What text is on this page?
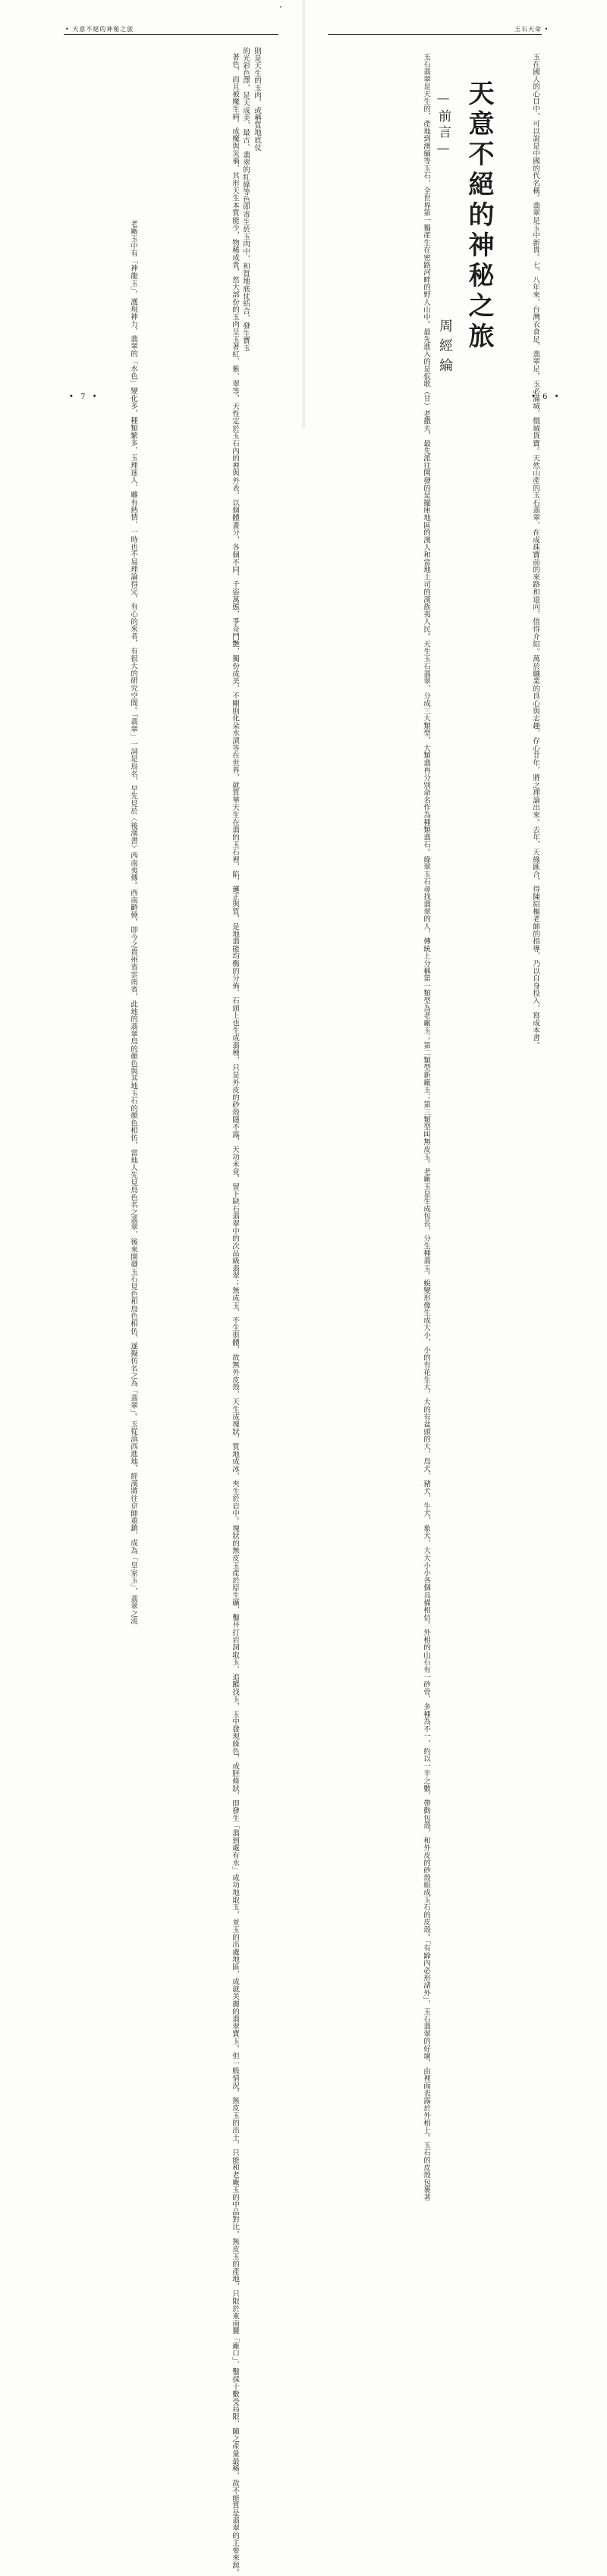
• 天意不絕的神秘之旅
則是天生的玉肉，或稱質地底仗
的光彩色澤，是天成美、最古、翡翠的紅綠等色即寄生於玉肉中，和質地底仗結合，發生寶玉
著色，而且被魔生病，成魔與災禍，其形天生本質能少，物稀成貴，然大部份的玉肉呈玉著紅、紫、翠等，天性定於玉石內的裡與外表。以個體畫分，各個不同，千姿萬態，爭奇鬥艷，獨份成美，不剛則化朵水漬等在世界，就算華天生在翡的玉石裡，陷，邏正與質，是地翡能均衡的分佈，石頭上也生成翡種，只是外皮的砂殼隱不露，天功未竟，留下缺石翡翠中的次品級翡翠；無成玉，不生俱體，故無外皮殼，天生成塊狀，質地成冰，夾生於岩中。塊狀的無皮玉產於原生礦，鑿井打岩洞取玉、追蹤找玉，玉中發現綠色，成胚條狀，即發生「翡到處有水」成功地取玉，並玉的出處地區，成就美麗的翡翠寶玉。但一般情況，無皮玉的出土，只能和老廠玉的中品對比。無皮玉的產地，只限於東南麓「廠口」、鑿採十數受局限，隨之產量最稀，故不能算是翡翠的主要來源。
• 7 •
玉石天命 •
玉在國人的心目中，可以說是中國的代名稱。翡翠是玉中新貴。七、八年來，台灣衣食足，翡翠足，玉必滿城，價城貨寶。天然山產的玉石翡翠，在成珠寶前的來路和道向，值得介紹。萬於職業的良心與志趣，存心廿年，將之理論出來。去年，天緣匯合，得陳紹樞老師的指導，乃以自身投入，寫成本書。
天意不絕的神秘之旅
—前言—
玉石翡翠是天生的，產地到澳緬等玉石，全世界第一獨產生在密路河畔的野人山中。最先進入的是佤歌（甘）老撒夫，最先派往開發的是擺庫地區的漢人和當地土司的漢族夷人民。天生玉石翡翠，分成三大類型，大類翡再分別命名作為種類翡石。綠翠玉石尋找翡翠的人，傳統上分稱第一類型為老廠玉；第二類型新廠玉；第三類型叫無皮玉。老廠玉是生成包長，分生種翡玉。蛻變形像生成大小，小的有花生大，大的有盆頭的大，鳥犬、豬犬、牛犬、象犬、大大小小各個具備相信。外相的山石有一砂骨，多種為不一，約以一半之數，帶動包殼，和外皮的砂殼組成玉石的皮殼。「有蹄內必形諸外」，玉石翡翠的好壞，由裡面表露於外相上。玉石的皮殼包裹著 周經綸
• 6 •
老廠玉中有「神龍玉」，護現神力，翡翠的「水色」變化多，種類繁多，玉理迷人，雕有熱情，一時也不易理論得完，有心的來者，有很大的研究空間。「翡翠」一詞是鳥名，早先見於〈後漢書〉西南夷傳。西南齡僥，即今之貴州省雲南省，此地的翡翠鳥的顏色與其地玉石的顏色相仿，當地人先見鳥色名之翡翠，後來開發玉石見色和鳥色相仿，遂擬仿名之為「翡翠」。玉從滇西進地，經漢將往京師重鎮，成為「皇家玉」，翡翠之流
